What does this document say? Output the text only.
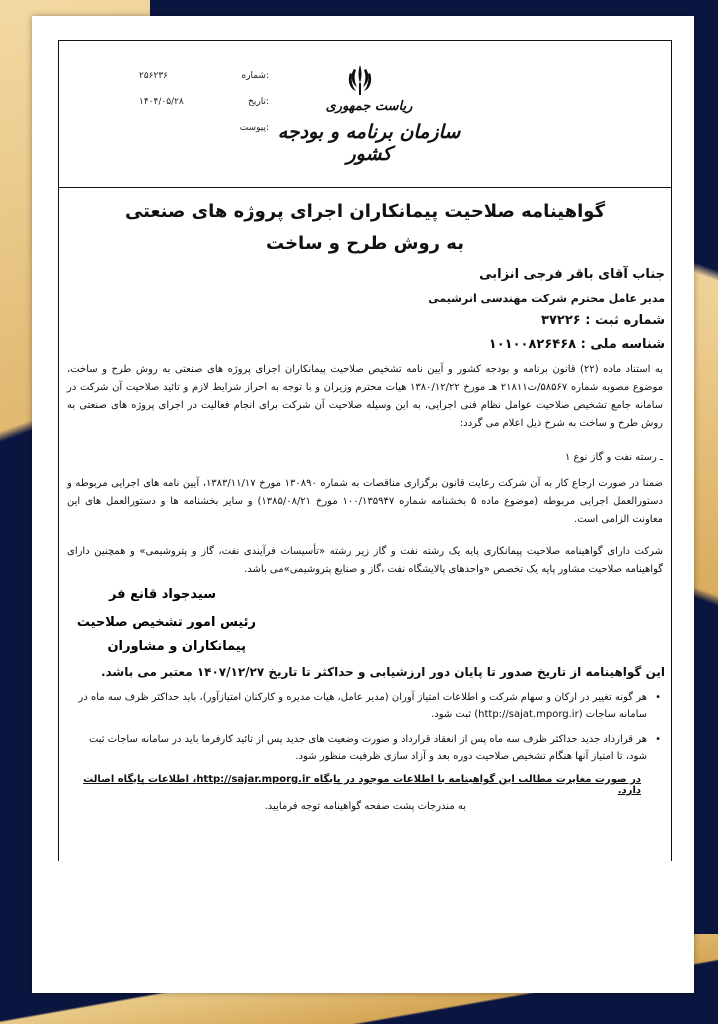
۲۵۶۲۳۶	شماره:
۱۴۰۴/۰۵/۲۸	تاریخ:
پیوست:
ریاست جمهوری
سازمان برنامه و بودجه کشور
گواهینامه صلاحیت پیمانکاران اجرای پروژه های صنعتی
به روش طرح و ساخت
جناب آقای باقر فرجی انزابی
مدیر عامل محترم شرکت مهندسی انرشیمی
شماره ثبت : ۳۷۲۲۶
شناسه ملی : ۱۰۱۰۰۸۲۶۴۶۸
به استناد ماده (۲۲) قانون برنامه و بودجه کشور و آیین نامه تشخیص صلاحیت پیمانکاران اجرای پروژه های صنعتی به روش طرح و ساخت، موضوع مصوبه شماره ۵۸۵۶۷/ت۲۱۸۱۱ هـ مورخ ۱۳۸۰/۱۲/۲۲ هیات محترم وزیران و با توجه به احراز شرایط لازم و تائید صلاحیت آن شرکت در سامانه جامع تشخیص صلاحیت عوامل نظام فنی اجرایی، به این وسیله صلاحیت آن شرکت برای انجام فعالیت در اجرای پروژه های صنعتی به روش طرح و ساخت به شرح ذیل اعلام می گردد:
ـ رسته نفت و گاز نوع ۱
ضمنا در صورت ارجاع کار به آن شرکت رعایت قانون برگزاری مناقصات به شماره ۱۳۰۸۹۰ مورخ ۱۳۸۳/۱۱/۱۷، آیین نامه های اجرایی مربوطه و دستورالعمل اجرایی مربوطه (موضوع ماده ۵ بخشنامه شماره ۱۰۰/۱۳۵۹۴۷ مورخ ۱۳۸۵/۰۸/۲۱) و سایر بخشنامه ها و دستورالعمل های این معاونت الزامی است.
شرکت دارای گواهینامه صلاحیت پیمانکاری پایه یک رشته نفت و گاز زیر رشته «تأسیسات فرآیندی نفت، گاز و پتروشیمی» و همچنین دارای گواهینامه صلاحیت مشاور پایه یک تخصص «واحدهای پالایشگاه نفت ،گاز و صنایع پتروشیمی»می باشد.
سیدجواد قانع فر
رئیس امور تشخیص صلاحیت
پیمانکاران و مشاوران
این گواهینامه از تاریخ صدور تا پایان دور ارزشیابی و حداکثر تا تاریخ ۱۴۰۷/۱۲/۲۷ معتبر می باشد.
• هر گونه تغییر در ارکان و سهام شرکت و اطلاعات امتیاز آوران (مدیر عامل، هیات مدیره و کارکنان امتیازآور)، باید حداکثر ظرف سه ماه در سامانه ساجات (http://sajat.mporg.ir) ثبت شود.
• هر قرارداد جدید حداکثر ظرف سه ماه پس از انعقاد قرارداد و صورت وضعیت های جدید پس از تائید کارفرما باید در سامانه ساجات ثبت شود، تا امتیاز آنها هنگام تشخیص صلاحیت دوره بعد و آزاد سازی ظرفیت منظور شود.
در صورت مغایرت مطالب این گواهینامه با اطلاعات موجود در پایگاه http://sajar.mporg.ir، اطلاعات پایگاه اصالت دارد.
به مندرجات پشت صفحه گواهینامه توجه فرمایید.
